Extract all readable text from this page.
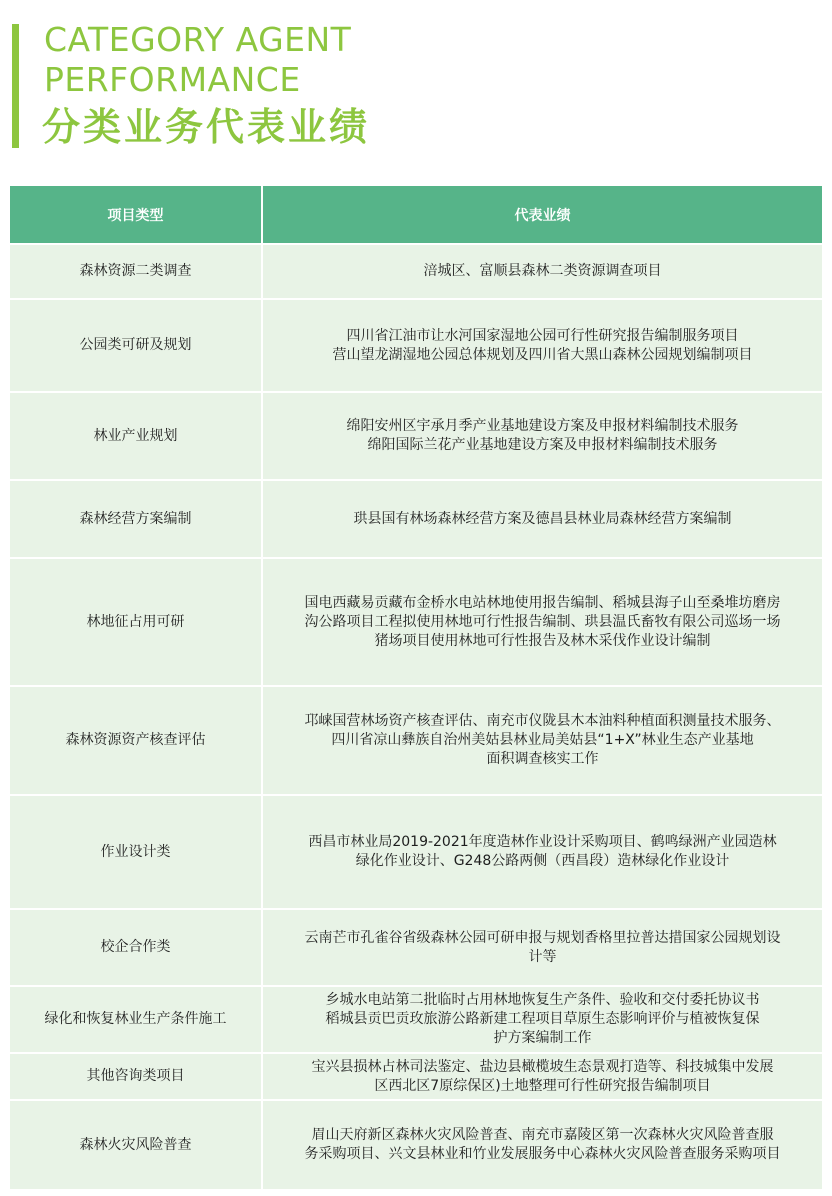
CATEGORY AGENT
PERFORMANCE
分类业务代表业绩
项目类型	代表业绩
森林资源二类调查	涪城区、富顺县森林二类资源调查项目

公园类可研及规划	四川省江油市让水河国家湿地公园可行性研究报告编制服务项目
营山望龙湖湿地公园总体规划及四川省大黑山森林公园规划编制项目

林业产业规划	绵阳安州区宇承月季产业基地建设方案及申报材料编制技术服务
绵阳国际兰花产业基地建设方案及申报材料编制技术服务

森林经营方案编制	珙县国有林场森林经营方案及德昌县林业局森林经营方案编制

林地征占用可研	国电西藏易贡藏布金桥水电站林地使用报告编制、稻城县海子山至桑堆坊磨房
沟公路项目工程拟使用林地可行性报告编制、珙县温氏畜牧有限公司巡场一场
猪场项目使用林地可行性报告及林木采伐作业设计编制

森林资源资产核查评估	邛崃国营林场资产核查评估、南充市仪陇县木本油料种植面积测量技术服务、
四川省凉山彝族自治州美姑县林业局美姑县“1+X”林业生态产业基地
面积调查核实工作

作业设计类	西昌市林业局2019-2021年度造林作业设计采购项目、鹤鸣绿洲产业园造林
绿化作业设计、G248公路两侧（西昌段）造林绿化作业设计

校企合作类	云南芒市孔雀谷省级森林公园可研申报与规划香格里拉普达措国家公园规划设
计等

绿化和恢复林业生产条件施工	乡城水电站第二批临时占用林地恢复生产条件、验收和交付委托协议书
稻城县贡巴贡玫旅游公路新建工程项目草原生态影响评价与植被恢复保
护方案编制工作

其他咨询类项目	宝兴县损林占林司法鉴定、盐边县橄榄坡生态景观打造等、科技城集中发展
区西北区7原综保区)土地整理可行性研究报告编制项目

森林火灾风险普查	眉山天府新区森林火灾风险普查、南充市嘉陵区第一次森林火灾风险普查服
务采购项目、兴文县林业和竹业发展服务中心森林火灾风险普查服务采购项目
